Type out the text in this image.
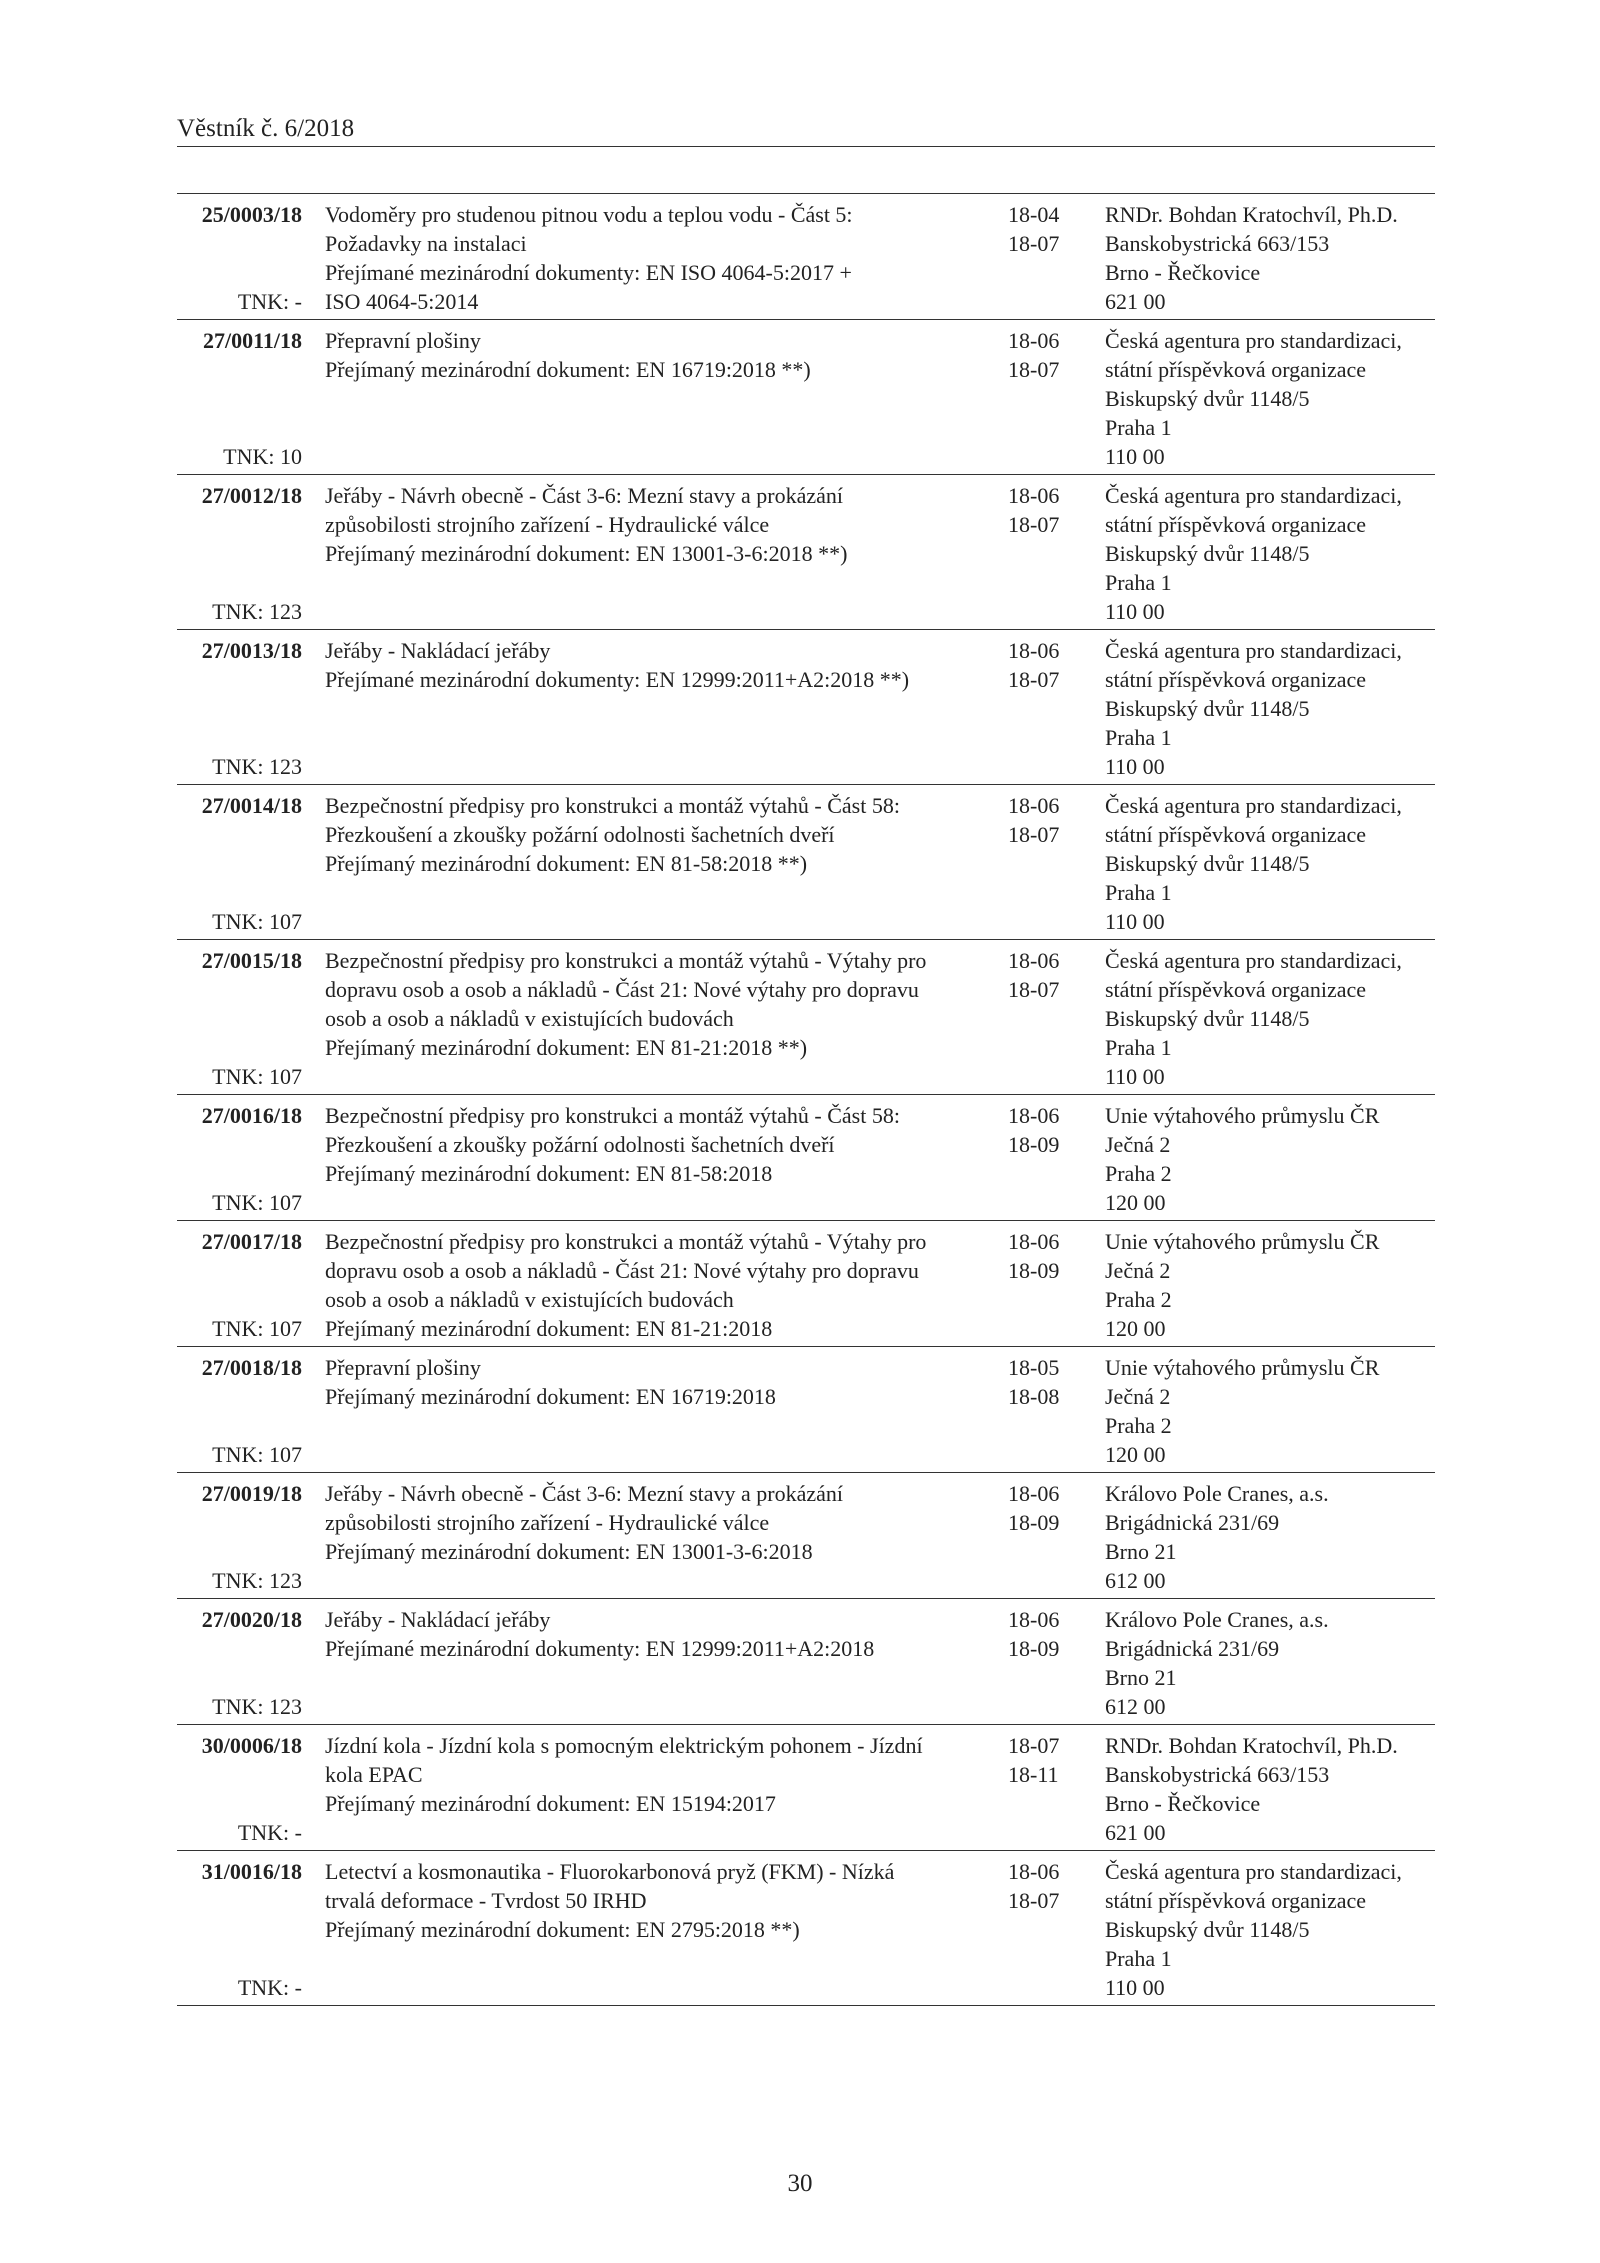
Věstník č. 6/2018
25/0003/18
TNK: -
Vodoměry pro studenou pitnou vodu a teplou vodu - Část 5:
Požadavky na instalaci
Přejímané mezinárodní dokumenty: EN ISO 4064-5:2017 +
ISO 4064-5:2014
18-04
18-07
RNDr. Bohdan Kratochvíl, Ph.D.
Banskobystrická 663/153
Brno - Řečkovice
621 00
27/0011/18
TNK: 10
Přepravní plošiny
Přejímaný mezinárodní dokument: EN 16719:2018 **)
18-06
18-07
Česká agentura pro standardizaci,
státní příspěvková organizace
Biskupský dvůr 1148/5
Praha 1
110 00
27/0012/18
TNK: 123
Jeřáby - Návrh obecně - Část 3-6: Mezní stavy a prokázání
způsobilosti strojního zařízení - Hydraulické válce
Přejímaný mezinárodní dokument: EN 13001-3-6:2018 **)
18-06
18-07
Česká agentura pro standardizaci,
státní příspěvková organizace
Biskupský dvůr 1148/5
Praha 1
110 00
27/0013/18
TNK: 123
Jeřáby - Nakládací jeřáby
Přejímané mezinárodní dokumenty: EN 12999:2011+A2:2018 **)
18-06
18-07
Česká agentura pro standardizaci,
státní příspěvková organizace
Biskupský dvůr 1148/5
Praha 1
110 00
27/0014/18
TNK: 107
Bezpečnostní předpisy pro konstrukci a montáž výtahů - Část 58:
Přezkoušení a zkoušky požární odolnosti šachetních dveří
Přejímaný mezinárodní dokument: EN 81-58:2018 **)
18-06
18-07
Česká agentura pro standardizaci,
státní příspěvková organizace
Biskupský dvůr 1148/5
Praha 1
110 00
27/0015/18
TNK: 107
Bezpečnostní předpisy pro konstrukci a montáž výtahů - Výtahy pro
dopravu osob a osob a nákladů - Část 21: Nové výtahy pro dopravu
osob a osob a nákladů v existujících budovách
Přejímaný mezinárodní dokument: EN 81-21:2018 **)
18-06
18-07
Česká agentura pro standardizaci,
státní příspěvková organizace
Biskupský dvůr 1148/5
Praha 1
110 00
27/0016/18
TNK: 107
Bezpečnostní předpisy pro konstrukci a montáž výtahů - Část 58:
Přezkoušení a zkoušky požární odolnosti šachetních dveří
Přejímaný mezinárodní dokument: EN 81-58:2018
18-06
18-09
Unie výtahového průmyslu ČR
Ječná 2
Praha 2
120 00
27/0017/18
TNK: 107
Bezpečnostní předpisy pro konstrukci a montáž výtahů - Výtahy pro
dopravu osob a osob a nákladů - Část 21: Nové výtahy pro dopravu
osob a osob a nákladů v existujících budovách
Přejímaný mezinárodní dokument: EN 81-21:2018
18-06
18-09
Unie výtahového průmyslu ČR
Ječná 2
Praha 2
120 00
27/0018/18
TNK: 107
Přepravní plošiny
Přejímaný mezinárodní dokument: EN 16719:2018
18-05
18-08
Unie výtahového průmyslu ČR
Ječná 2
Praha 2
120 00
27/0019/18
TNK: 123
Jeřáby - Návrh obecně - Část 3-6: Mezní stavy a prokázání
způsobilosti strojního zařízení - Hydraulické válce
Přejímaný mezinárodní dokument: EN 13001-3-6:2018
18-06
18-09
Královo Pole Cranes, a.s.
Brigádnická 231/69
Brno 21
612 00
27/0020/18
TNK: 123
Jeřáby - Nakládací jeřáby
Přejímané mezinárodní dokumenty: EN 12999:2011+A2:2018
18-06
18-09
Královo Pole Cranes, a.s.
Brigádnická 231/69
Brno 21
612 00
30/0006/18
TNK: -
Jízdní kola - Jízdní kola s pomocným elektrickým pohonem - Jízdní
kola EPAC
Přejímaný mezinárodní dokument: EN 15194:2017
18-07
18-11
RNDr. Bohdan Kratochvíl, Ph.D.
Banskobystrická 663/153
Brno - Řečkovice
621 00
31/0016/18
TNK: -
Letectví a kosmonautika - Fluorokarbonová pryž (FKM) - Nízká
trvalá deformace - Tvrdost 50 IRHD
Přejímaný mezinárodní dokument: EN 2795:2018 **)
18-06
18-07
Česká agentura pro standardizaci,
státní příspěvková organizace
Biskupský dvůr 1148/5
Praha 1
110 00
30
